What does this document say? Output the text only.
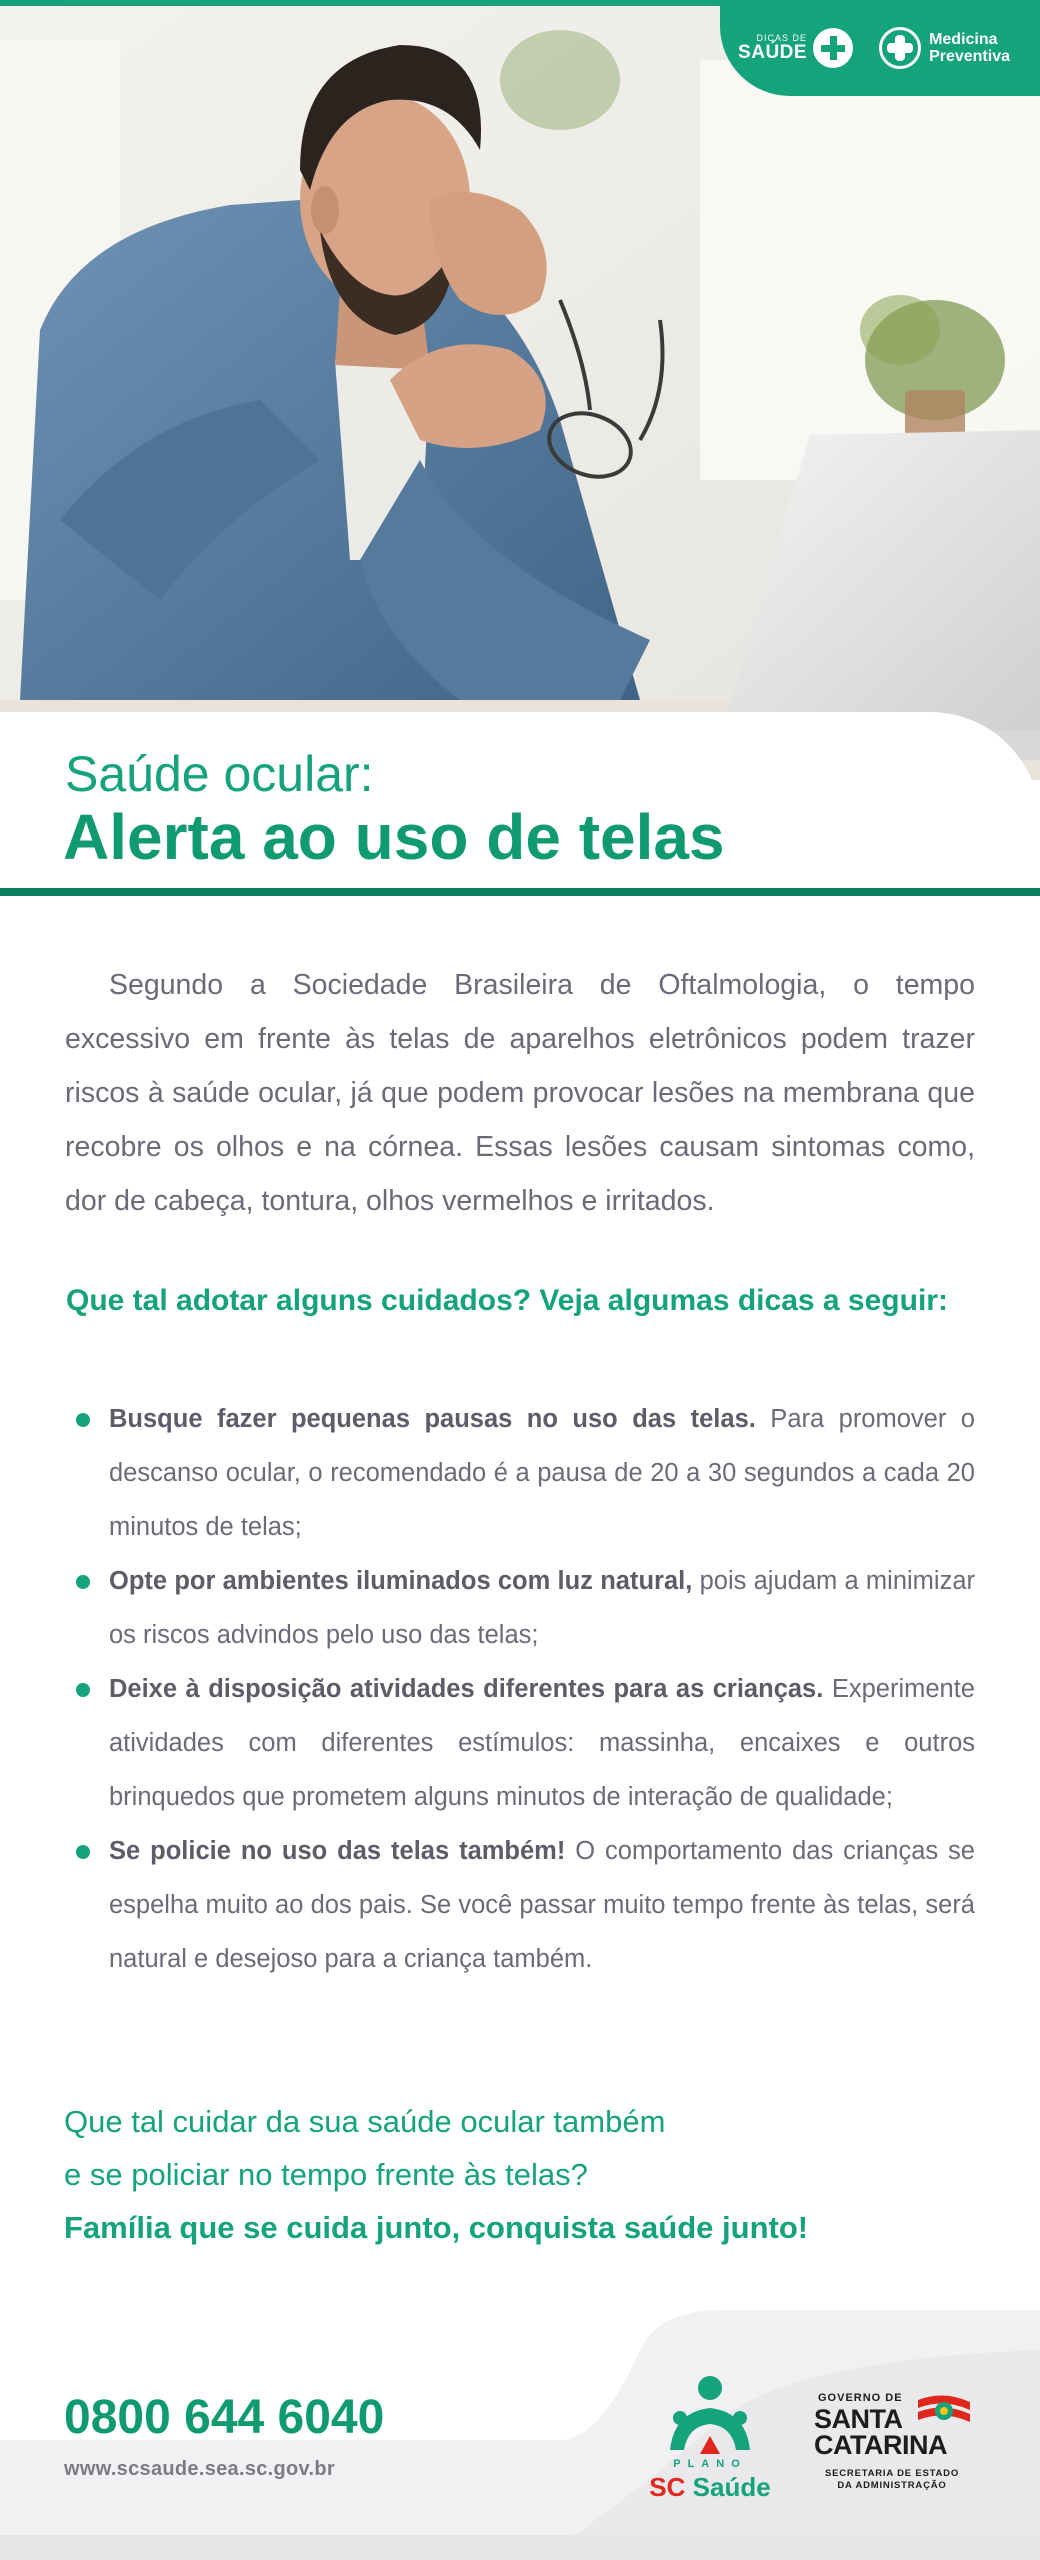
DICAS DE
SAÚDE
Medicina
Preventiva
Saúde ocular:
Alerta ao uso de telas

Segundo a Sociedade Brasileira de Oftalmologia, o tempo excessivo em frente às telas de aparelhos eletrônicos podem trazer riscos à saúde ocular, já que podem provocar lesões na membrana que recobre os olhos e na córnea. Essas lesões causam sintomas como, dor de cabeça, tontura, olhos vermelhos e irritados.

Que tal adotar alguns cuidados? Veja algumas dicas a seguir:
Busque fazer pequenas pausas no uso das telas. Para promover o descanso ocular, o recomendado é a pausa de 20 a 30 segundos a cada 20 minutos de telas;
Opte por ambientes iluminados com luz natural, pois ajudam a minimizar os riscos advindos pelo uso das telas;
Deixe à disposição atividades diferentes para as crianças. Experimente atividades com diferentes estímulos: massinha, encaixes e outros brinquedos que prometem alguns minutos de interação de qualidade;
Se policie no uso das telas também! O comportamento das crianças se espelha muito ao dos pais. Se você passar muito tempo frente às telas, será natural e desejoso para a criança também.
Que tal cuidar da sua saúde ocular também
e se policiar no tempo frente às telas?
Família que se cuida junto, conquista saúde junto!
0800 644 6040
www.scsaude.sea.sc.gov.br	PLANO
SC Saúde
GOVERNO DE
SANTA
CATARINA
SECRETARIA DE ESTADO
DA ADMINISTRAÇÃO
